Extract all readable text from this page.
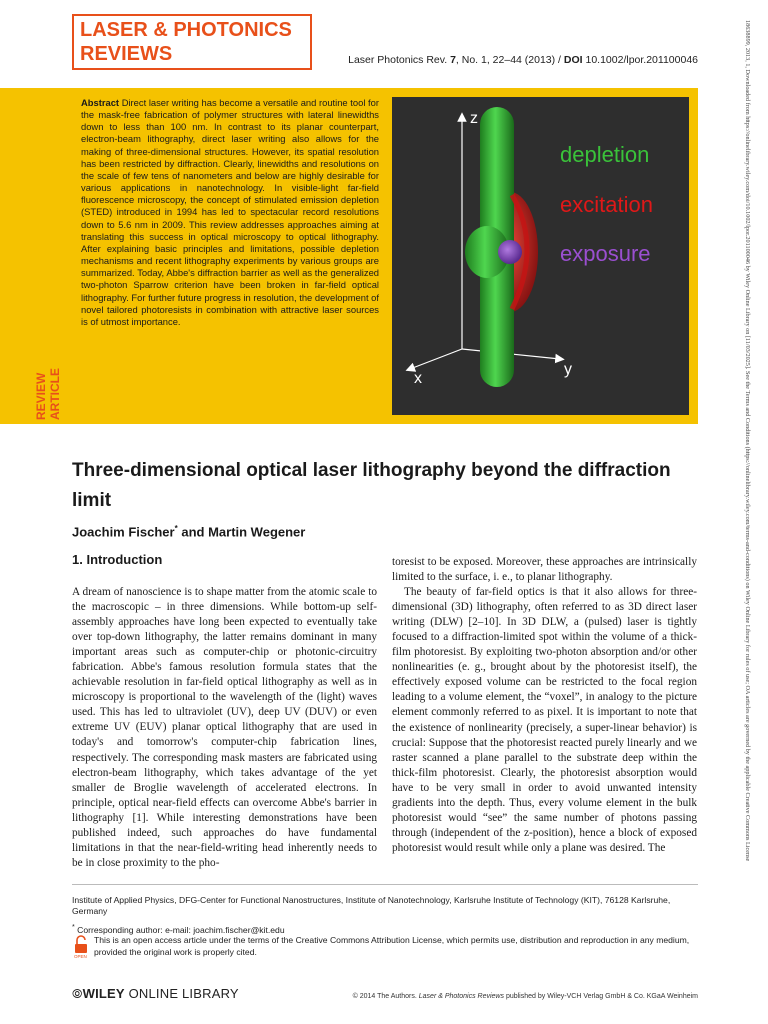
LASER & PHOTONICS
REVIEWS	Laser Photonics Rev. 7, No. 1, 22–44 (2013) / DOI 10.1002/lpor.201100046
Abstract Direct laser writing has become a versatile and routine tool for the mask-free fabrication of polymer structures with lateral linewidths down to less than 100 nm. In contrast to its planar counterpart, electron-beam lithography, direct laser writing also allows for the making of three-dimensional structures. However, its spatial resolution has been restricted by diffraction. Clearly, linewidths and resolutions on the scale of few tens of nanometers and below are highly desirable for various applications in nanotechnology. In visible-light far-field fluorescence microscopy, the concept of stimulated emission depletion (STED) introduced in 1994 has led to spectacular record resolutions down to 5.6 nm in 2009. This review addresses approaches aiming at translating this success in optical microscopy to optical lithography. After explaining basic principles and limitations, possible depletion mechanisms and recent lithography experiments by various groups are summarized. Today, Abbe's diffraction barrier as well as the generalized two-photon Sparrow criterion have been broken in far-field optical lithography. For further future progress in resolution, the development of novel tailored photoresists in combination with attractive laser sources is of utmost importance.
z
x
y
depletion
excitation
exposure
REVIEW ARTICLE	18638899, 2013, 1, Downloaded from https://onlinelibrary.wiley.com/doi/10.1002/lpor.201100046 by Wiley Online Library on [11/03/2025]. See the Terms and Conditions (https://onlinelibrary.wiley.com/terms-and-conditions) on Wiley Online Library for rules of use; OA articles are governed by the applicable Creative Commons License
Three-dimensional optical laser lithography beyond the diffraction limit
Joachim Fischer* and Martin Wegener
1. Introduction

A dream of nanoscience is to shape matter from the atomic scale to the macroscopic – in three dimensions. While bottom-up self-assembly approaches have long been expected to eventually take over top-down lithography, the latter remains dominant in many important areas such as computer-chip or photonic-circuitry fabrication. Abbe's famous resolution formula states that the achievable resolution in far-field optical lithography as well as in microscopy is proportional to the wavelength of the (light) waves used. This has led to ultraviolet (UV), deep UV (DUV) or even extreme UV (EUV) planar optical lithography that are used in today's and tomorrow's computer-chip fabrication lines, respectively. The corresponding mask masters are fabricated using electron-beam lithography, which takes advantage of the yet smaller de Broglie wavelength of accelerated electrons. In principle, optical near-field effects can overcome Abbe's barrier in lithography [1]. While interesting demonstrations have been published indeed, such approaches do have fundamental limitations in that the near-field-writing head inherently needs to be in close proximity to the pho-

toresist to be exposed. Moreover, these approaches are intrinsically limited to the surface, i. e., to planar lithography.

The beauty of far-field optics is that it also allows for three-dimensional (3D) lithography, often referred to as 3D direct laser writing (DLW) [2–10]. In 3D DLW, a (pulsed) laser is tightly focused to a diffraction-limited spot within the volume of a thick-film photoresist. By exploiting two-photon absorption and/or other nonlinearities (e. g., brought about by the photoresist itself), the effectively exposed volume can be restricted to the focal region leading to a volume element, the “voxel”, in analogy to the picture element commonly referred to as pixel. It is important to note that the existence of nonlinearity (precisely, a super-linear behavior) is crucial: Suppose that the photoresist reacted purely linearly and we raster scanned a plane parallel to the substrate deep within the thick-film photoresist. Clearly, the photoresist absorption would have to be very small in order to avoid unwanted intensity gradients into the depth. Thus, every volume element in the bulk photoresist would “see” the same number of photons passing through (independent of the z-position), hence a block of exposed photoresist would result while only a plane was desired. The

Institute of Applied Physics, DFG-Center for Functional Nanostructures, Institute of Nanotechnology, Karlsruhe Institute of Technology (KIT), 76128 Karlsruhe, Germany
* Corresponding author: e-mail: joachim.fischer@kit.edu
OPEN
This is an open access article under the terms of the Creative Commons Attribution License, which permits use, distribution and reproduction in any medium, provided the original work is properly cited.
⦾WILEY ONLINE LIBRARY	© 2014 The Authors. Laser & Photonics Reviews published by Wiley-VCH Verlag GmbH & Co. KGaA Weinheim
